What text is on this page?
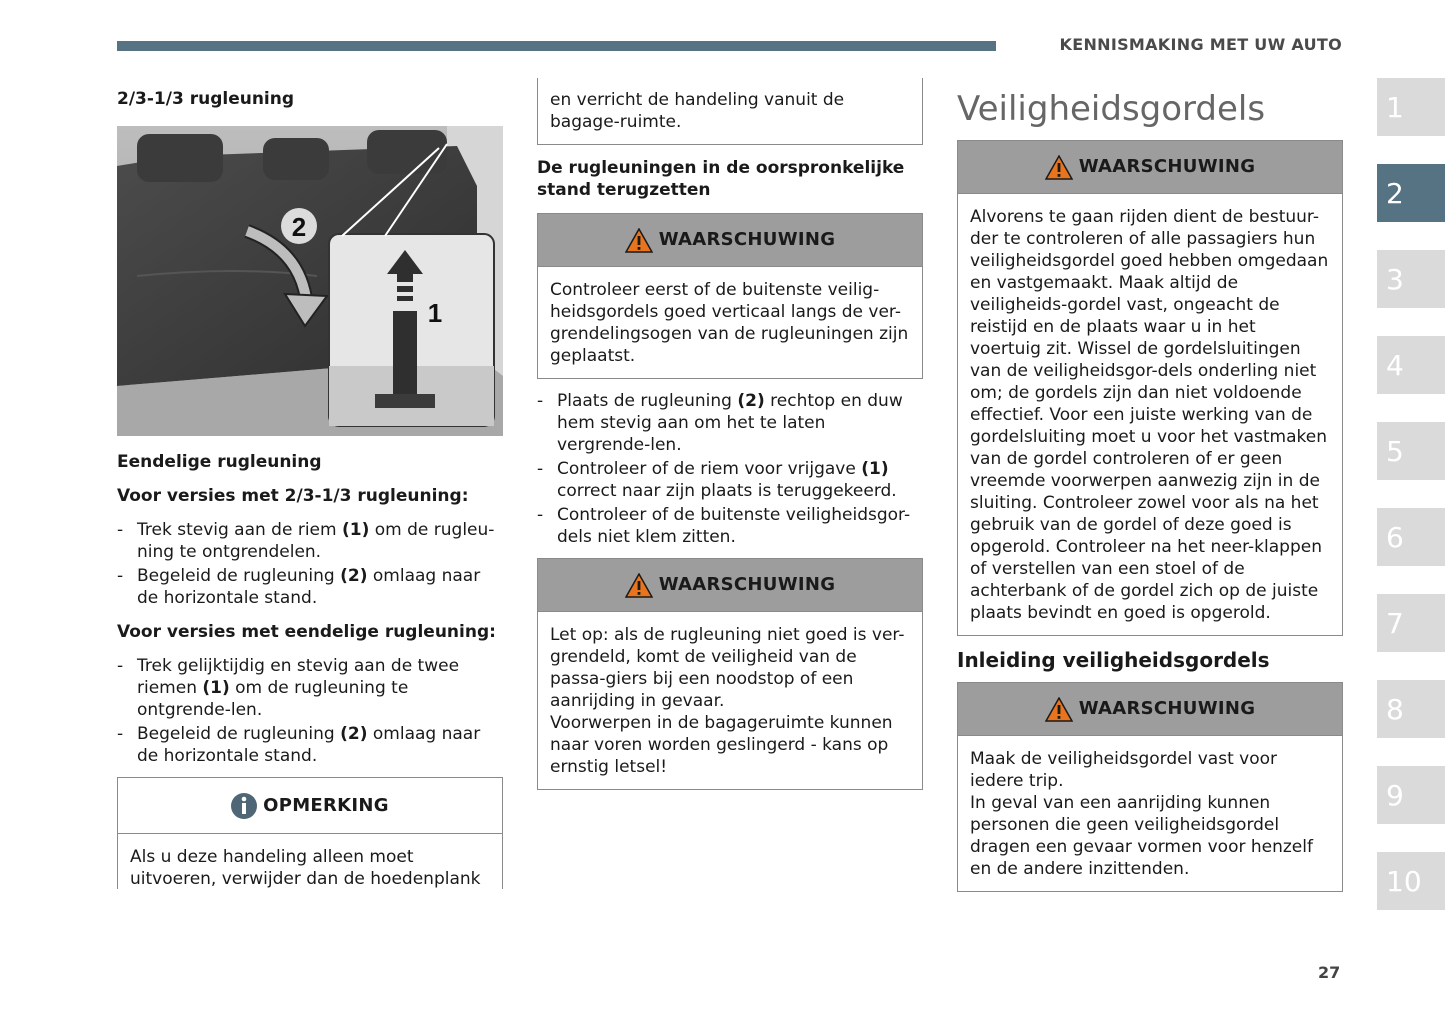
KENNISMAKING MET UW AUTO

2/3-1/3 rugleuning

2
1

Eendelige rugleuning

Voor versies met 2/3-1/3 rugleuning:

- Trek stevig aan de riem (1) om de rugleu-ning te ontgrendelen.
- Begeleid de rugleuning (2) omlaag naar de horizontale stand.

Voor versies met eendelige rugleuning:

- Trek gelijktijdig en stevig aan de twee riemen (1) om de rugleuning te ontgrende-len.
- Begeleid de rugleuning (2) omlaag naar de horizontale stand.
OPMERKING
Als u deze handeling alleen moet uitvoeren, verwijder dan de hoedenplank
en verricht de handeling vanuit de bagage-ruimte.

De rugleuningen in de oorspronkelijke stand terugzetten

WAARSCHUWING
Controleer eerst of de buitenste veilig-heidsgordels goed verticaal langs de ver-grendelingsogen van de rugleuningen zijn geplaatst.
- Plaats de rugleuning (2) rechtop en duw hem stevig aan om het te laten vergrende-len.
- Controleer of de riem voor vrijgave (1) correct naar zijn plaats is teruggekeerd.
- Controleer of de buitenste veiligheidsgor-dels niet klem zitten.
WAARSCHUWING

Let op: als de rugleuning niet goed is ver-grendeld, komt de veiligheid van de passa-giers bij een noodstop of een aanrijding in gevaar.

Voorwerpen in de bagageruimte kunnen naar voren worden geslingerd - kans op ernstig letsel!

Veiligheidsgordels
WAARSCHUWING
Alvorens te gaan rijden dient de bestuur-der te controleren of alle passagiers hun veiligheidsgordel goed hebben omgedaan en vastgemaakt. Maak altijd de veiligheids-gordel vast, ongeacht de reistijd en de plaats waar u in het voertuig zit. Wissel de gordelsluitingen van de veiligheidsgor-dels onderling niet om; de gordels zijn dan niet voldoende effectief. Voor een juiste werking van de gordelsluiting moet u voor het vastmaken van de gordel controleren of er geen vreemde voorwerpen aanwezig zijn in de sluiting. Controleer zowel voor als na het gebruik van de gordel of deze goed is opgerold. Controleer na het neer-klappen of verstellen van een stoel of de achterbank of de gordel zich op de juiste plaats bevindt en goed is opgerold.
Inleiding veiligheidsgordels
WAARSCHUWING

Maak de veiligheidsgordel vast voor iedere trip.

In geval van een aanrijding kunnen personen die geen veiligheidsgordel dragen een gevaar vormen voor henzelf en de andere inzittenden.

1
2
3
4
5
6
7
8
9
10
27
